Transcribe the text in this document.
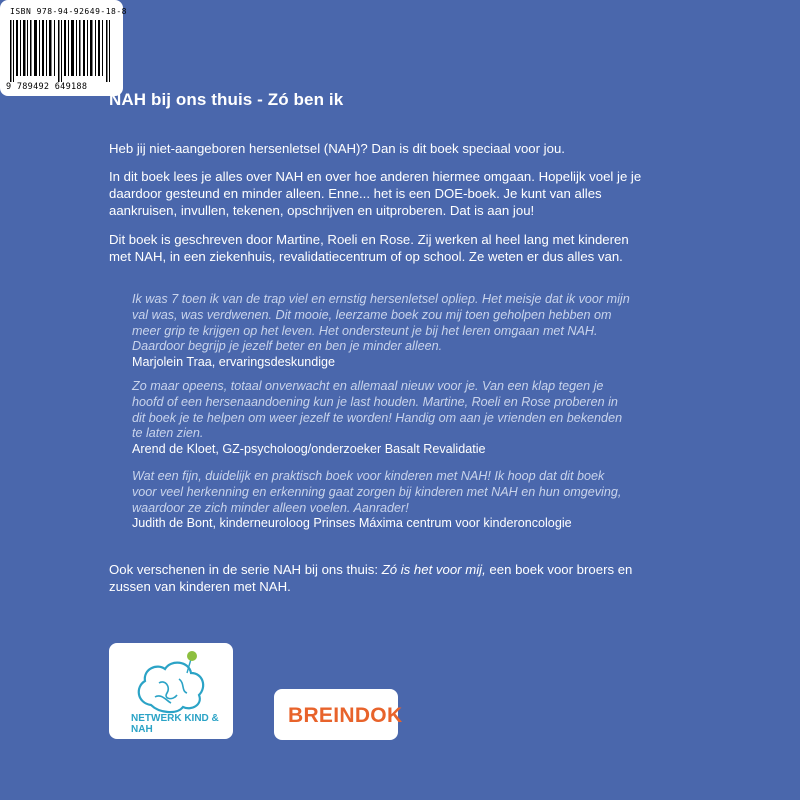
NAH bij ons thuis - Zó ben ik

Heb jij niet-aangeboren hersenletsel (NAH)? Dan is dit boek speciaal voor jou.

In dit boek lees je alles over NAH en over hoe anderen hiermee omgaan. Hopelijk voel je je daardoor gesteund en minder alleen. Enne... het is een DOE-boek. Je kunt van alles aankruisen, invullen, tekenen, opschrijven en uitproberen. Dat is aan jou!

Dit boek is geschreven door Martine, Roeli en Rose. Zij werken al heel lang met kinderen met NAH, in een ziekenhuis, revalidatiecentrum of op school. Ze weten er dus alles van.

Ik was 7 toen ik van de trap viel en ernstig hersenletsel opliep. Het meisje dat ik voor mijn val was, was verdwenen. Dit mooie, leerzame boek zou mij toen geholpen hebben om meer grip te krijgen op het leven. Het ondersteunt je bij het leren omgaan met NAH. Daardoor begrijp je jezelf beter en ben je minder alleen.
Marjolein Traa, ervaringsdeskundige
Zo maar opeens, totaal onverwacht en allemaal nieuw voor je. Van een klap tegen je hoofd of een hersenaandoening kun je last houden. Martine, Roeli en Rose proberen in dit boek je te helpen om weer jezelf te worden! Handig om aan je vrienden en bekenden te laten zien.
Arend de Kloet, GZ-psycholoog/onderzoeker Basalt Revalidatie
Wat een fijn, duidelijk en praktisch boek voor kinderen met NAH! Ik hoop dat dit boek voor veel herkenning en erkenning gaat zorgen bij kinderen met NAH en hun omgeving, waardoor ze zich minder alleen voelen. Aanrader!
Judith de Bont, kinderneuroloog Prinses Máxima centrum voor kinderoncologie
Ook verschenen in de serie NAH bij ons thuis: Zó is het voor mij, een boek voor broers en zussen van kinderen met NAH.
NETWERK KIND & NAH
BREINDOK
ISBN 978-94-92649-18-8
9 789492 649188
